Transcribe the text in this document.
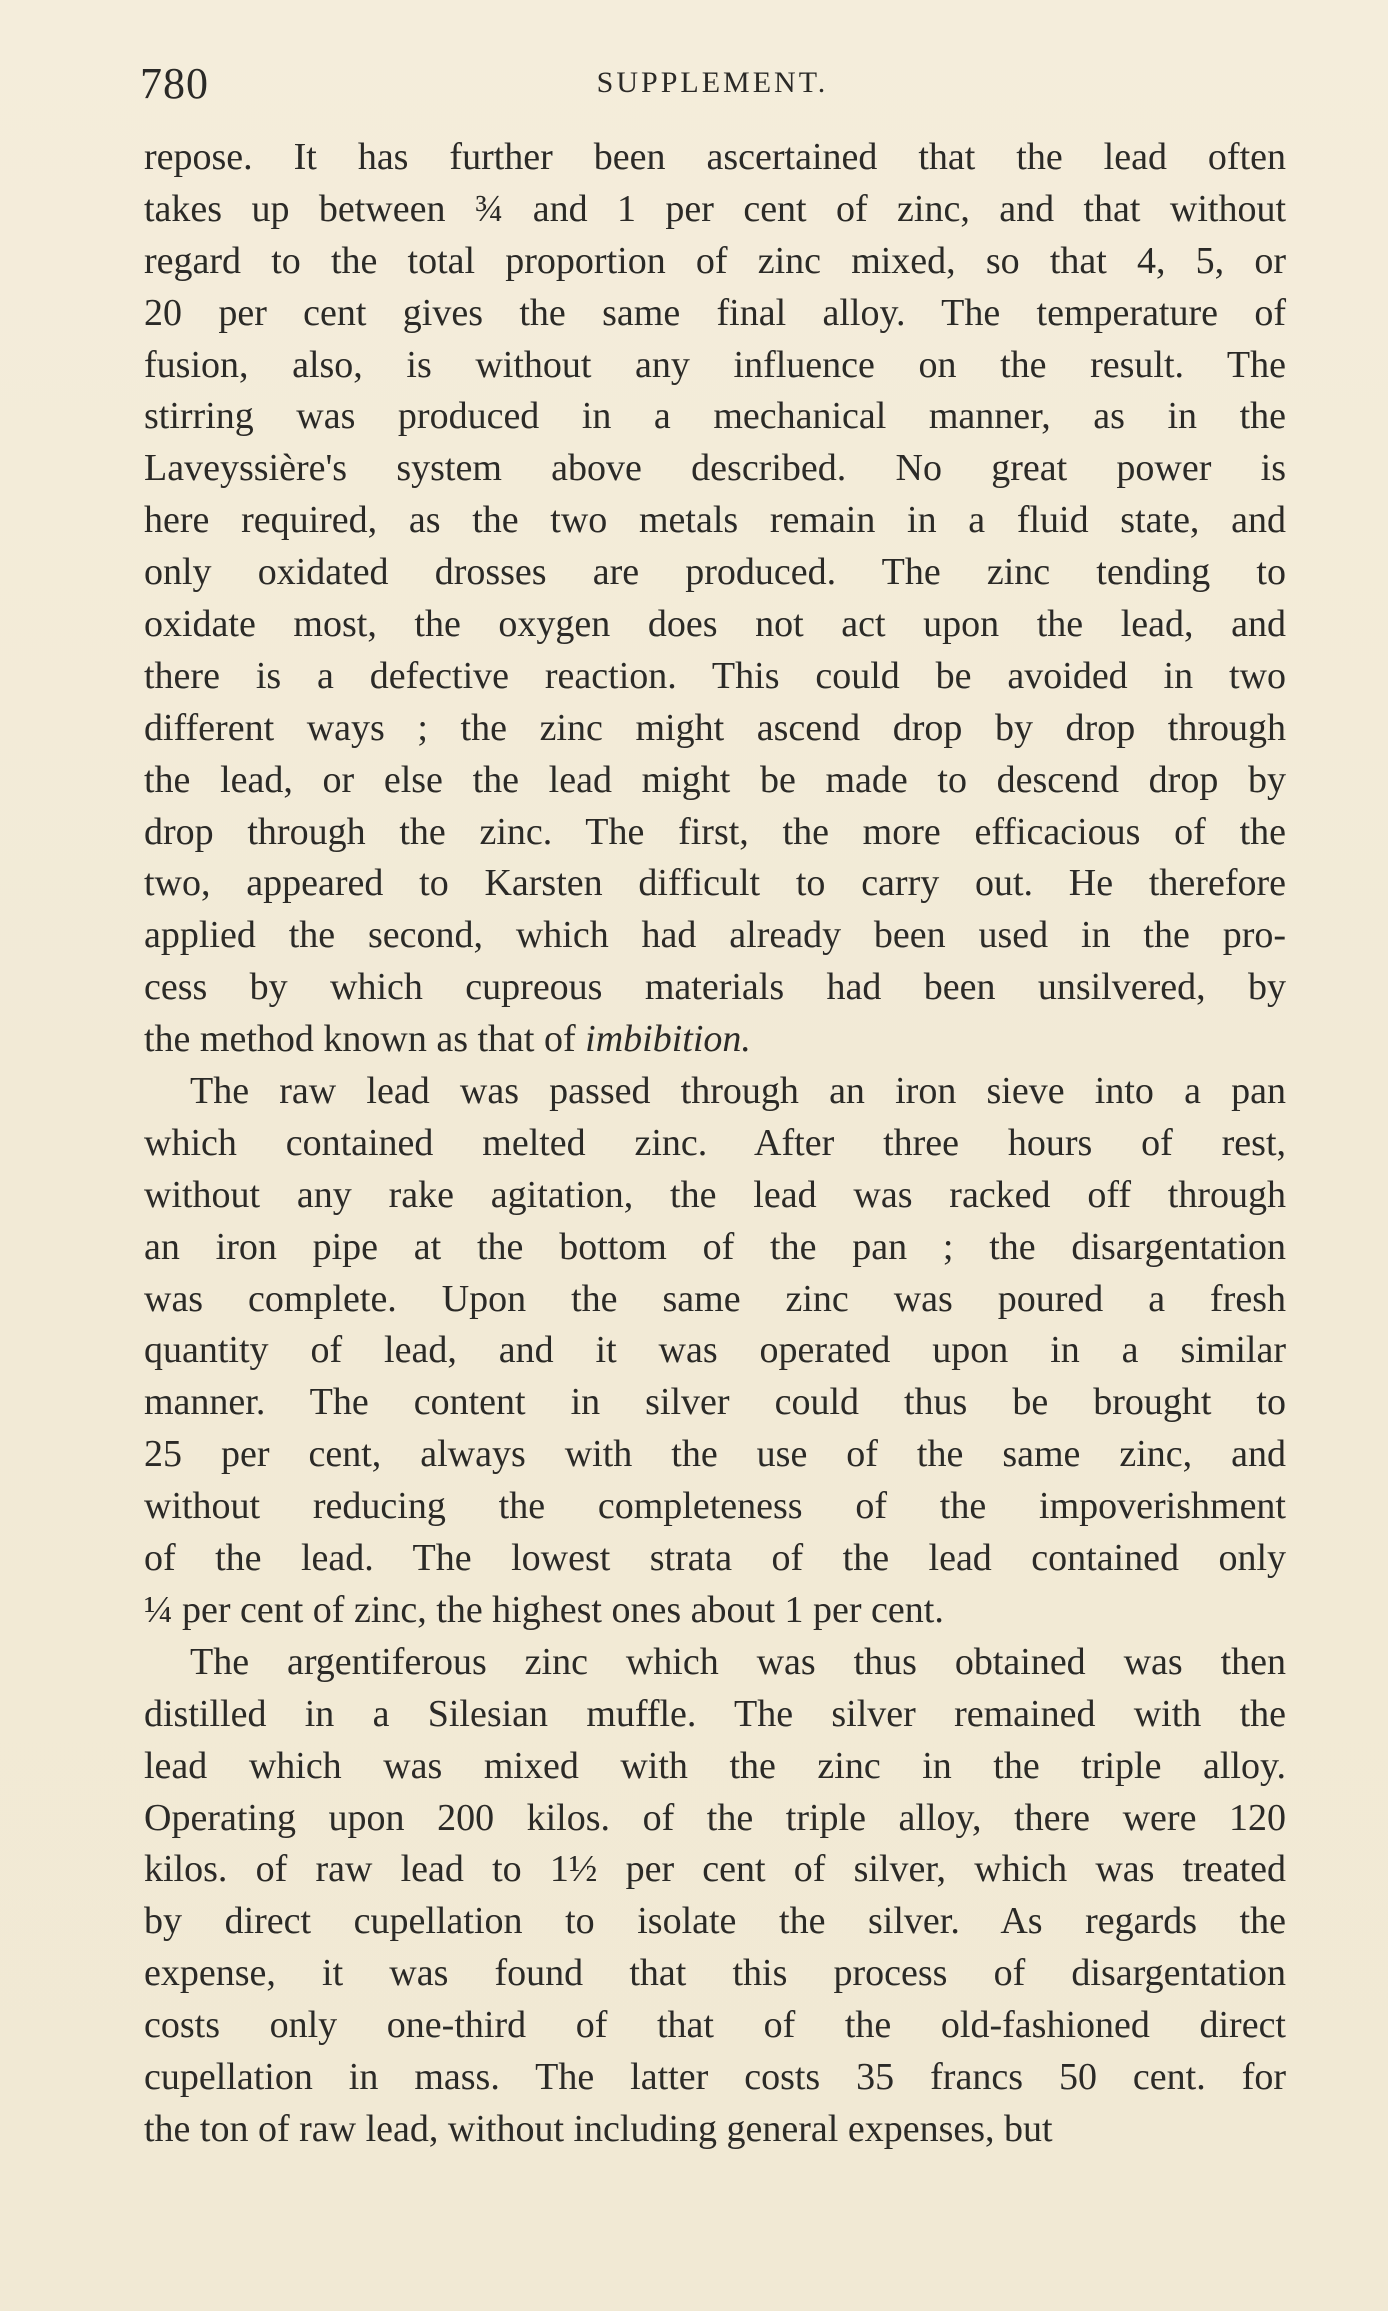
780	SUPPLEMENT.
repose. It has further been ascertained that the lead often
takes up between ¾ and 1 per cent of zinc, and that without
regard to the total proportion of zinc mixed, so that 4, 5, or
20 per cent gives the same final alloy. The temperature of
fusion, also, is without any influence on the result. The
stirring was produced in a mechanical manner, as in the
Laveyssière's system above described. No great power is
here required, as the two metals remain in a fluid state, and
only oxidated drosses are produced. The zinc tending to
oxidate most, the oxygen does not act upon the lead, and
there is a defective reaction. This could be avoided in two
different ways ; the zinc might ascend drop by drop through
the lead, or else the lead might be made to descend drop by
drop through the zinc. The first, the more efficacious of the
two, appeared to Karsten difficult to carry out. He therefore
applied the second, which had already been used in the pro-
cess by which cupreous materials had been unsilvered, by
the method known as that of imbibition.
The raw lead was passed through an iron sieve into a pan
which contained melted zinc. After three hours of rest,
without any rake agitation, the lead was racked off through
an iron pipe at the bottom of the pan ; the disargentation
was complete. Upon the same zinc was poured a fresh
quantity of lead, and it was operated upon in a similar
manner. The content in silver could thus be brought to
25 per cent, always with the use of the same zinc, and
without reducing the completeness of the impoverishment
of the lead. The lowest strata of the lead contained only
¼ per cent of zinc, the highest ones about 1 per cent.
The argentiferous zinc which was thus obtained was then
distilled in a Silesian muffle. The silver remained with the
lead which was mixed with the zinc in the triple alloy.
Operating upon 200 kilos. of the triple alloy, there were 120
kilos. of raw lead to 1½ per cent of silver, which was treated
by direct cupellation to isolate the silver. As regards the
expense, it was found that this process of disargentation
costs only one-third of that of the old-fashioned direct
cupellation in mass. The latter costs 35 francs 50 cent. for
the ton of raw lead, without including general expenses, but
